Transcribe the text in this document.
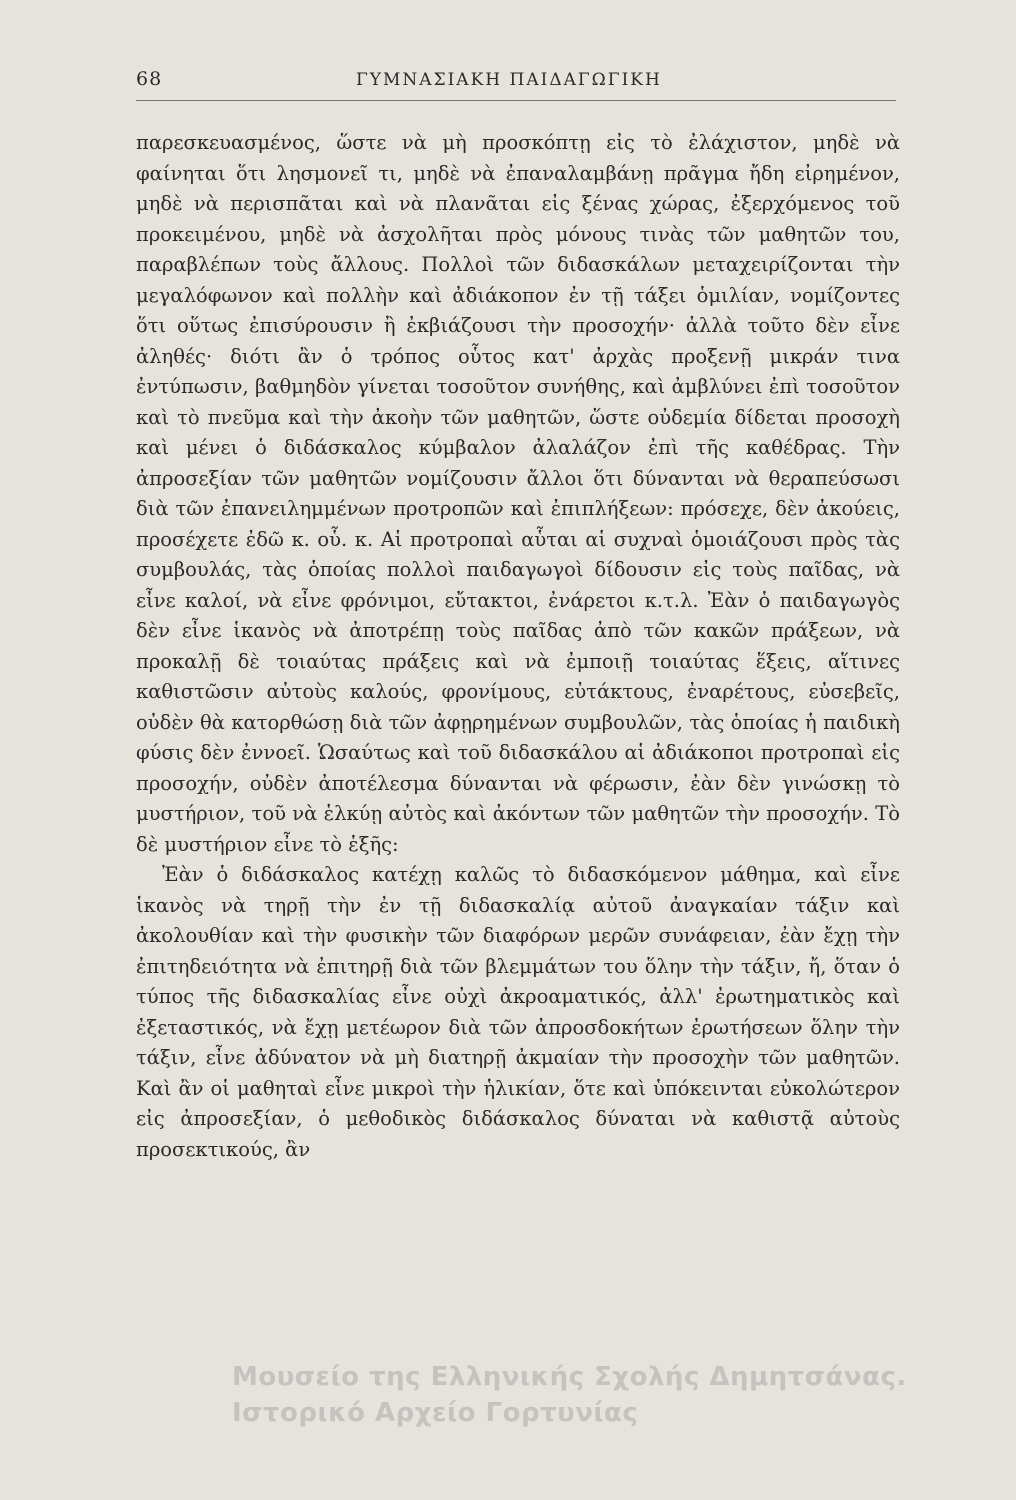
68	ΓΥΜΝΑΣΙΑΚΗ ΠΑΙΔΑΓΩΓΙΚΗ

παρεσκευασμένος, ὥστε νὰ μὴ προσκόπτῃ εἰς τὸ ἐλάχιστον, μηδὲ νὰ φαίνηται ὅτι λησμονεῖ τι, μηδὲ νὰ ἐπαναλαμβάνῃ πρᾶγμα ἤδη εἰρημένον, μηδὲ νὰ περισπᾶται καὶ νὰ πλανᾶται εἰς ξένας χώρας, ἐξερχόμενος τοῦ προκειμένου, μηδὲ νὰ ἀσχολῆται πρὸς μόνους τινὰς τῶν μαθητῶν του, παραβλέπων τοὺς ἄλλους. Πολλοὶ τῶν διδασκάλων μεταχειρίζονται τὴν μεγαλόφωνον καὶ πολλὴν καὶ ἀδιάκοπον ἐν τῇ τάξει ὁμιλίαν, νομίζοντες ὅτι οὕτως ἐπισύρουσιν ἢ ἐκβιάζουσι τὴν προσοχήν· ἀλλὰ τοῦτο δὲν εἶνε ἀληθές· διότι ἂν ὁ τρόπος οὗτος κατ' ἀρχὰς προξενῇ μικράν τινα ἐντύπωσιν, βαθμηδὸν γίνεται τοσοῦτον συνήθης, καὶ ἀμβλύνει ἐπὶ τοσοῦτον καὶ τὸ πνεῦμα καὶ τὴν ἀκοὴν τῶν μαθητῶν, ὥστε οὐδεμία δίδεται προσοχὴ καὶ μένει ὁ διδάσκαλος κύμβαλον ἀλαλάζον ἐπὶ τῆς καθέδρας. Τὴν ἀπροσεξίαν τῶν μαθητῶν νομίζουσιν ἄλλοι ὅτι δύνανται νὰ θεραπεύσωσι διὰ τῶν ἐπανειλημμένων προτροπῶν καὶ ἐπιπλήξεων: πρόσεχε, δὲν ἀκούεις, προσέχετε ἐδῶ κ. οὗ. κ. Αἱ προτροπαὶ αὗται αἱ συχναὶ ὁμοιάζουσι πρὸς τὰς συμβουλάς, τὰς ὁποίας πολλοὶ παιδαγωγοὶ δίδουσιν εἰς τοὺς παῖδας, νὰ εἶνε καλοί, νὰ εἶνε φρόνιμοι, εὔτακτοι, ἐνάρετοι κ.τ.λ. Ἐὰν ὁ παιδαγωγὸς δὲν εἶνε ἱκανὸς νὰ ἀποτρέπῃ τοὺς παῖδας ἀπὸ τῶν κακῶν πράξεων, νὰ προκαλῇ δὲ τοιαύτας πράξεις καὶ νὰ ἐμποιῇ τοιαύτας ἕξεις, αἵτινες καθιστῶσιν αὐτοὺς καλούς, φρονίμους, εὐτάκτους, ἐναρέτους, εὐσεβεῖς, οὐδὲν θὰ κατορθώσῃ διὰ τῶν ἀφῃρημένων συμβουλῶν, τὰς ὁποίας ἡ παιδικὴ φύσις δὲν ἐννοεῖ. Ὡσαύτως καὶ τοῦ διδασκάλου αἱ ἀδιάκοποι προτροπαὶ εἰς προσοχήν, οὐδὲν ἀποτέλεσμα δύνανται νὰ φέρωσιν, ἐὰν δὲν γινώσκῃ τὸ μυστήριον, τοῦ νὰ ἑλκύῃ αὐτὸς καὶ ἀκόντων τῶν μαθητῶν τὴν προσοχήν. Τὸ δὲ μυστήριον εἶνε τὸ ἑξῆς:

Ἐὰν ὁ διδάσκαλος κατέχῃ καλῶς τὸ διδασκόμενον μάθημα, καὶ εἶνε ἱκανὸς νὰ τηρῇ τὴν ἐν τῇ διδασκαλίᾳ αὐτοῦ ἀναγκαίαν τάξιν καὶ ἀκολουθίαν καὶ τὴν φυσικὴν τῶν διαφόρων μερῶν συνάφειαν, ἐὰν ἔχῃ τὴν ἐπιτηδειότητα νὰ ἐπιτηρῇ διὰ τῶν βλεμμάτων του ὅλην τὴν τάξιν, ἤ, ὅταν ὁ τύπος τῆς διδασκαλίας εἶνε οὐχὶ ἀκροαματικός, ἀλλ' ἐρωτηματικὸς καὶ ἐξεταστικός, νὰ ἔχῃ μετέωρον διὰ τῶν ἀπροσδοκήτων ἐρωτήσεων ὅλην τὴν τάξιν, εἶνε ἀδύνατον νὰ μὴ διατηρῇ ἀκμαίαν τὴν προσοχὴν τῶν μαθητῶν. Καὶ ἂν οἱ μαθηταὶ εἶνε μικροὶ τὴν ἡλικίαν, ὅτε καὶ ὑπόκεινται εὐκολώτερον εἰς ἀπροσεξίαν, ὁ μεθοδικὸς διδάσκαλος δύναται νὰ καθιστᾷ αὐτοὺς προσεκτικούς, ἂν

Μουσείο της Ελληνικής Σχολής Δημητσάνας.
Ιστορικό Αρχείο Γορτυνίας
